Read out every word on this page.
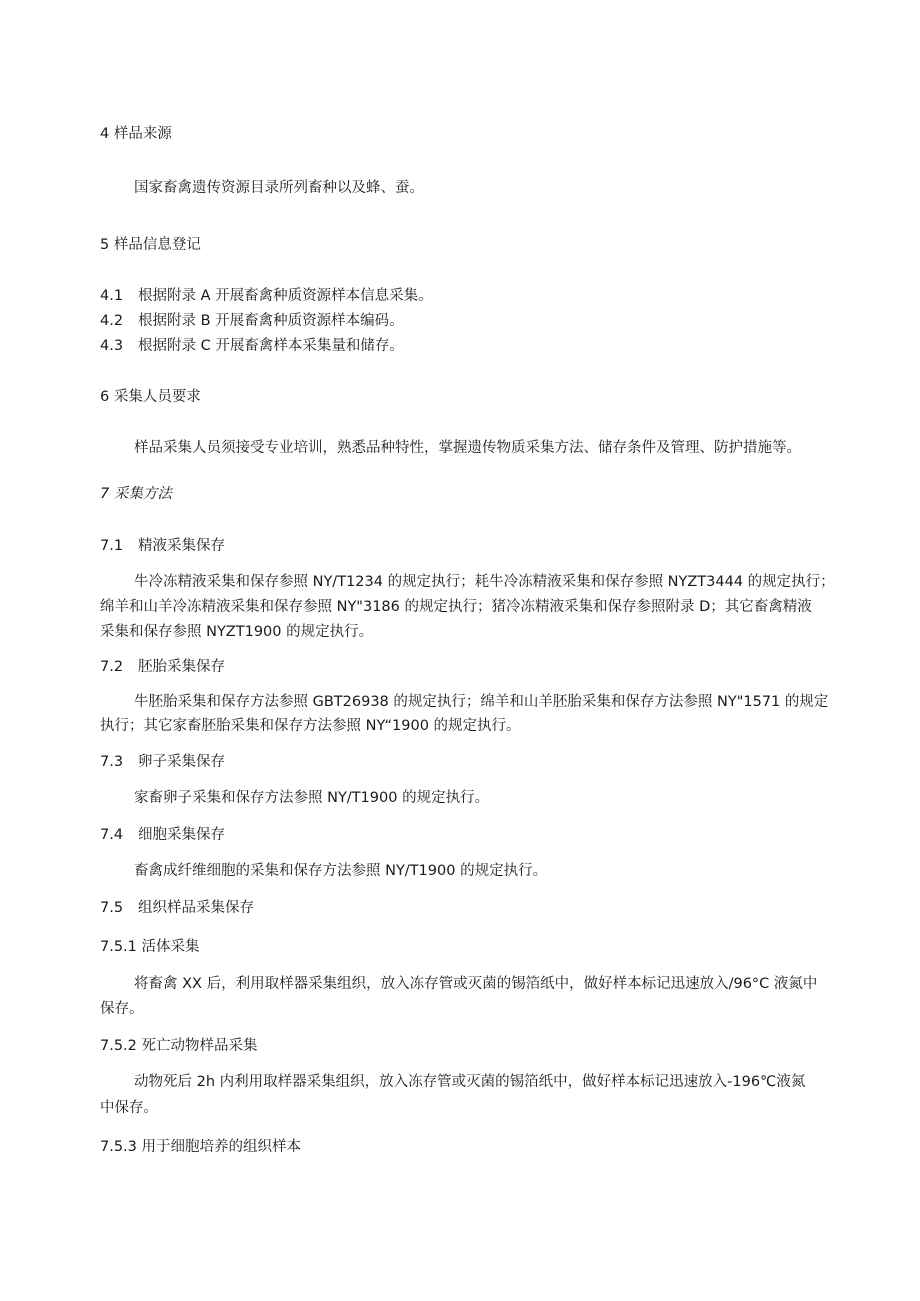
4 样品来源
国家畜禽遗传资源目录所列畜种以及蜂、蚕。
5 样品信息登记
4.1 根据附录 A 开展畜禽种质资源样本信息采集。
4.2 根据附录 B 开展畜禽种质资源样本编码。
4.3 根据附录 C 开展畜禽样本采集量和储存。
6 采集人员要求
样品采集人员须接受专业培训，熟悉品种特性，掌握遗传物质采集方法、储存条件及管理、防护措施等。
7 采集方法
7.1 精液采集保存
牛冷冻精液采集和保存参照 NY/T1234 的规定执行；耗牛冷冻精液采集和保存参照 NYZT3444 的规定执行；
绵羊和山羊冷冻精液采集和保存参照 NY"3186 的规定执行；猪冷冻精液采集和保存参照附录 D；其它畜禽精液
采集和保存参照 NYZT1900 的规定执行。
7.2 胚胎采集保存
牛胚胎采集和保存方法参照 GBT26938 的规定执行；绵羊和山羊胚胎采集和保存方法参照 NY"1571 的规定
执行；其它家畜胚胎采集和保存方法参照 NY“1900 的规定执行。
7.3 卵子采集保存
家畜卵子采集和保存方法参照 NY/T1900 的规定执行。
7.4 细胞采集保存
畜禽成纤维细胞的采集和保存方法参照 NY/T1900 的规定执行。
7.5 组织样品采集保存
7.5.1 活体采集
将畜禽 XX 后，利用取样器采集组织，放入冻存管或灭菌的锡箔纸中，做好样本标记迅速放入/96°C 液氮中
保存。
7.5.2 死亡动物样品采集
动物死后 2h 内利用取样器采集组织，放入冻存管或灭菌的锡箔纸中，做好样本标记迅速放入-196℃液氮
中保存。
7.5.3 用于细胞培养的组织样本
